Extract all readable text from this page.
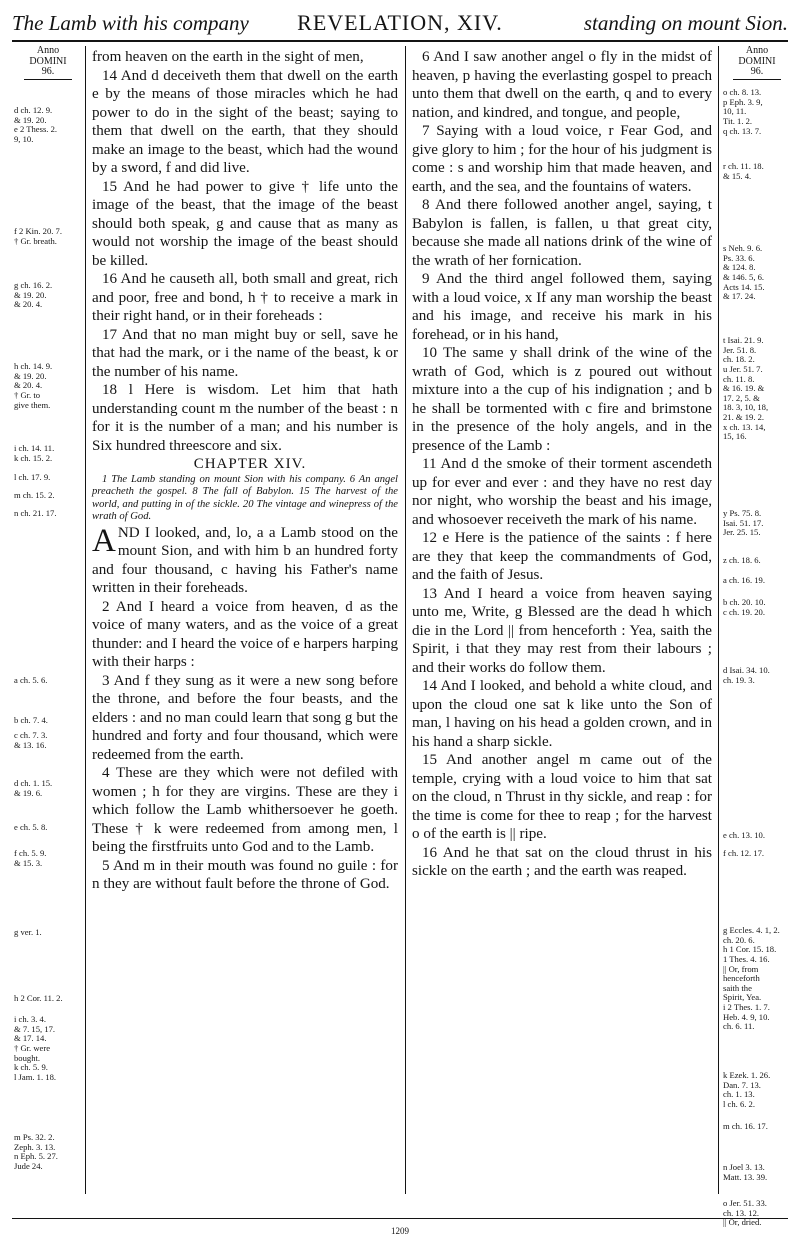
The Lamb with his company	REVELATION, XIV.	standing on mount Sion.
Anno
DOMINI
96.
d ch. 12. 9.
& 19. 20.
e 2 Thess. 2.
9, 10.
f 2 Kin. 20. 7.
† Gr. breath.
g ch. 16. 2.
& 19. 20.
& 20. 4.
h ch. 14. 9.
& 19. 20.
& 20. 4.
† Gr. to
give them.
i ch. 14. 11.
k ch. 15. 2.
l ch. 17. 9.
m ch. 15. 2.
n ch. 21. 17.
a ch. 5. 6.
b ch. 7. 4.
c ch. 7. 3.
& 13. 16.
d ch. 1. 15.
& 19. 6.
e ch. 5. 8.
f ch. 5. 9.
& 15. 3.
g ver. 1.
h 2 Cor. 11. 2.
i ch. 3. 4.
& 7. 15, 17.
& 17. 14.
† Gr. were
bought.
k ch. 5. 9.
l Jam. 1. 18.
m Ps. 32. 2.
Zeph. 3. 13.
n Eph. 5. 27.
Jude 24.
Anno
DOMINI
96.
o ch. 8. 13.
p Eph. 3. 9,
10, 11.
Tit. 1. 2.
q ch. 13. 7.
r ch. 11. 18.
& 15. 4.
s Neh. 9. 6.
Ps. 33. 6.
& 124. 8.
& 146. 5, 6.
Acts 14. 15.
& 17. 24.
t Isai. 21. 9.
Jer. 51. 8.
ch. 18. 2.
u Jer. 51. 7.
ch. 11. 8.
& 16. 19. &
17. 2, 5. &
18. 3, 10, 18,
21. & 19. 2.
x ch. 13. 14,
15, 16.
y Ps. 75. 8.
Isai. 51. 17.
Jer. 25. 15.
z ch. 18. 6.
a ch. 16. 19.
b ch. 20. 10.
c ch. 19. 20.
d Isai. 34. 10.
ch. 19. 3.
e ch. 13. 10.
f ch. 12. 17.
g Eccles. 4. 1, 2.
ch. 20. 6.
h 1 Cor. 15. 18.
1 Thes. 4. 16.
|| Or, from
henceforth
saith the
Spirit, Yea.
i 2 Thes. 1. 7.
Heb. 4. 9, 10.
ch. 6. 11.
k Ezek. 1. 26.
Dan. 7. 13.
ch. 1. 13.
l ch. 6. 2.
m ch. 16. 17.
n Joel 3. 13.
Matt. 13. 39.
o Jer. 51. 33.
ch. 13. 12.
|| Or, dried.

from heaven on the earth in the sight of men,

14 And d deceiveth them that dwell on the earth e by the means of those miracles which he had power to do in the sight of the beast; saying to them that dwell on the earth, that they should make an image to the beast, which had the wound by a sword, f and did live.

15 And he had power to give † life unto the image of the beast, that the image of the beast should both speak, g and cause that as many as would not worship the image of the beast should be killed.

16 And he causeth all, both small and great, rich and poor, free and bond, h † to receive a mark in their right hand, or in their foreheads :

17 And that no man might buy or sell, save he that had the mark, or i the name of the beast, k or the number of his name.

18 l Here is wisdom. Let him that hath understanding count m the number of the beast : n for it is the number of a man; and his number is Six hundred threescore and six.

CHAPTER XIV.

1 The Lamb standing on mount Sion with his company. 6 An angel preacheth the gospel. 8 The fall of Babylon. 15 The harvest of the world, and putting in of the sickle. 20 The vintage and winepress of the wrath of God.

AND I looked, and, lo, a a Lamb stood on the mount Sion, and with him b an hundred forty and four thousand, c having his Father's name written in their foreheads.

2 And I heard a voice from heaven, d as the voice of many waters, and as the voice of a great thunder: and I heard the voice of e harpers harping with their harps :

3 And f they sung as it were a new song before the throne, and before the four beasts, and the elders : and no man could learn that song g but the hundred and forty and four thousand, which were redeemed from the earth.

4 These are they which were not defiled with women ; h for they are virgins. These are they i which follow the Lamb whithersoever he goeth. These † k were redeemed from among men, l being the firstfruits unto God and to the Lamb.

5 And m in their mouth was found no guile : for n they are without fault before the throne of God.

6 And I saw another angel o fly in the midst of heaven, p having the everlasting gospel to preach unto them that dwell on the earth, q and to every nation, and kindred, and tongue, and people,

7 Saying with a loud voice, r Fear God, and give glory to him ; for the hour of his judgment is come : s and worship him that made heaven, and earth, and the sea, and the fountains of waters.

8 And there followed another angel, saying, t Babylon is fallen, is fallen, u that great city, because she made all nations drink of the wine of the wrath of her fornication.

9 And the third angel followed them, saying with a loud voice, x If any man worship the beast and his image, and receive his mark in his forehead, or in his hand,

10 The same y shall drink of the wine of the wrath of God, which is z poured out without mixture into a the cup of his indignation ; and b he shall be tormented with c fire and brimstone in the presence of the holy angels, and in the presence of the Lamb :

11 And d the smoke of their torment ascendeth up for ever and ever : and they have no rest day nor night, who worship the beast and his image, and whosoever receiveth the mark of his name.

12 e Here is the patience of the saints : f here are they that keep the commandments of God, and the faith of Jesus.

13 And I heard a voice from heaven saying unto me, Write, g Blessed are the dead h which die in the Lord || from henceforth : Yea, saith the Spirit, i that they may rest from their labours ; and their works do follow them.

14 And I looked, and behold a white cloud, and upon the cloud one sat k like unto the Son of man, l having on his head a golden crown, and in his hand a sharp sickle.

15 And another angel m came out of the temple, crying with a loud voice to him that sat on the cloud, n Thrust in thy sickle, and reap : for the time is come for thee to reap ; for the harvest o of the earth is || ripe.

16 And he that sat on the cloud thrust in his sickle on the earth ; and the earth was reaped.

1209
